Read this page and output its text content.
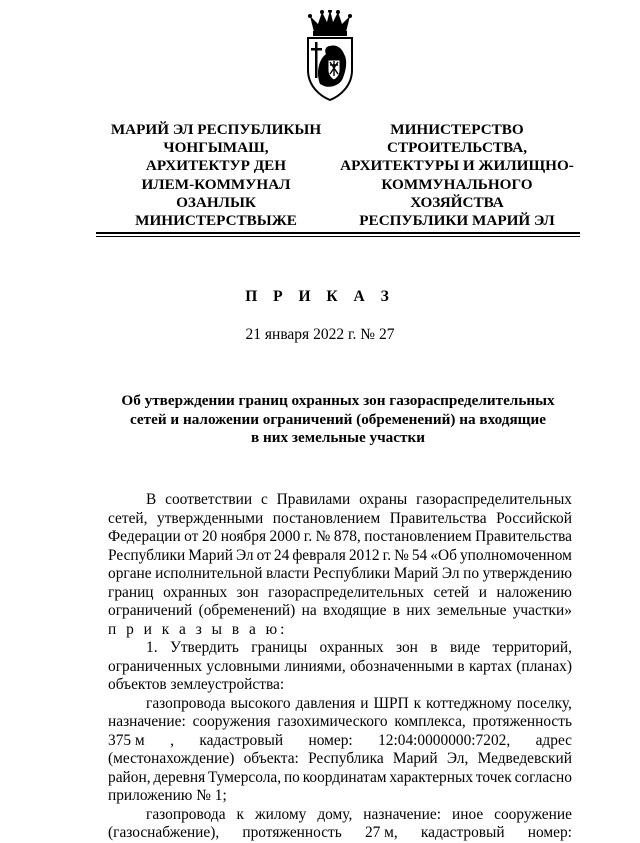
МАРИЙ ЭЛ РЕСПУБЛИКЫН
ЧОНГЫМАШ,
АРХИТЕКТУР ДЕН
ИЛЕМ-КОММУНАЛ
ОЗАНЛЫК
МИНИСТЕРСТВЫЖЕ
МИНИСТЕРСТВО
СТРОИТЕЛЬСТВА,
АРХИТЕКТУРЫ И ЖИЛИЩНО-
КОММУНАЛЬНОГО
ХОЗЯЙСТВА
РЕСПУБЛИКИ МАРИЙ ЭЛ
П Р И К А З
21 января 2022 г. № 27
Об утверждении границ охранных зон газораспределительных
сетей и наложении ограничений (обременений) на входящие
в них земельные участки
В соответствии с Правилами охраны газораспределительных
сетей, утвержденными постановлением Правительства Российской
Федерации от 20 ноября 2000 г. № 878, постановлением Правительства
Республики Марий Эл от 24 февраля 2012 г. № 54 «Об уполномоченном
органе исполнительной власти Республики Марий Эл по утверждению
границ охранных зон газораспределительных сетей и наложению
ограничений (обременений) на входящие в них земельные участки»
п р и к а з ы в а ю:
1. Утвердить границы охранных зон в виде территорий,
ограниченных условными линиями, обозначенными в картах (планах)
объектов землеустройства:
газопровода высокого давления и ШРП к коттеджному поселку,
назначение: сооружения газохимического комплекса, протяженность
375 м , кадастровый номер: 12:04:0000000:7202, адрес
(местонахождение) объекта: Республика Марий Эл, Медведевский
район, деревня Тумерсола, по координатам характерных точек согласно
приложению № 1;
газопровода к жилому дому, назначение: иное сооружение
(газоснабжение), протяженность 27 м, кадастровый номер:
